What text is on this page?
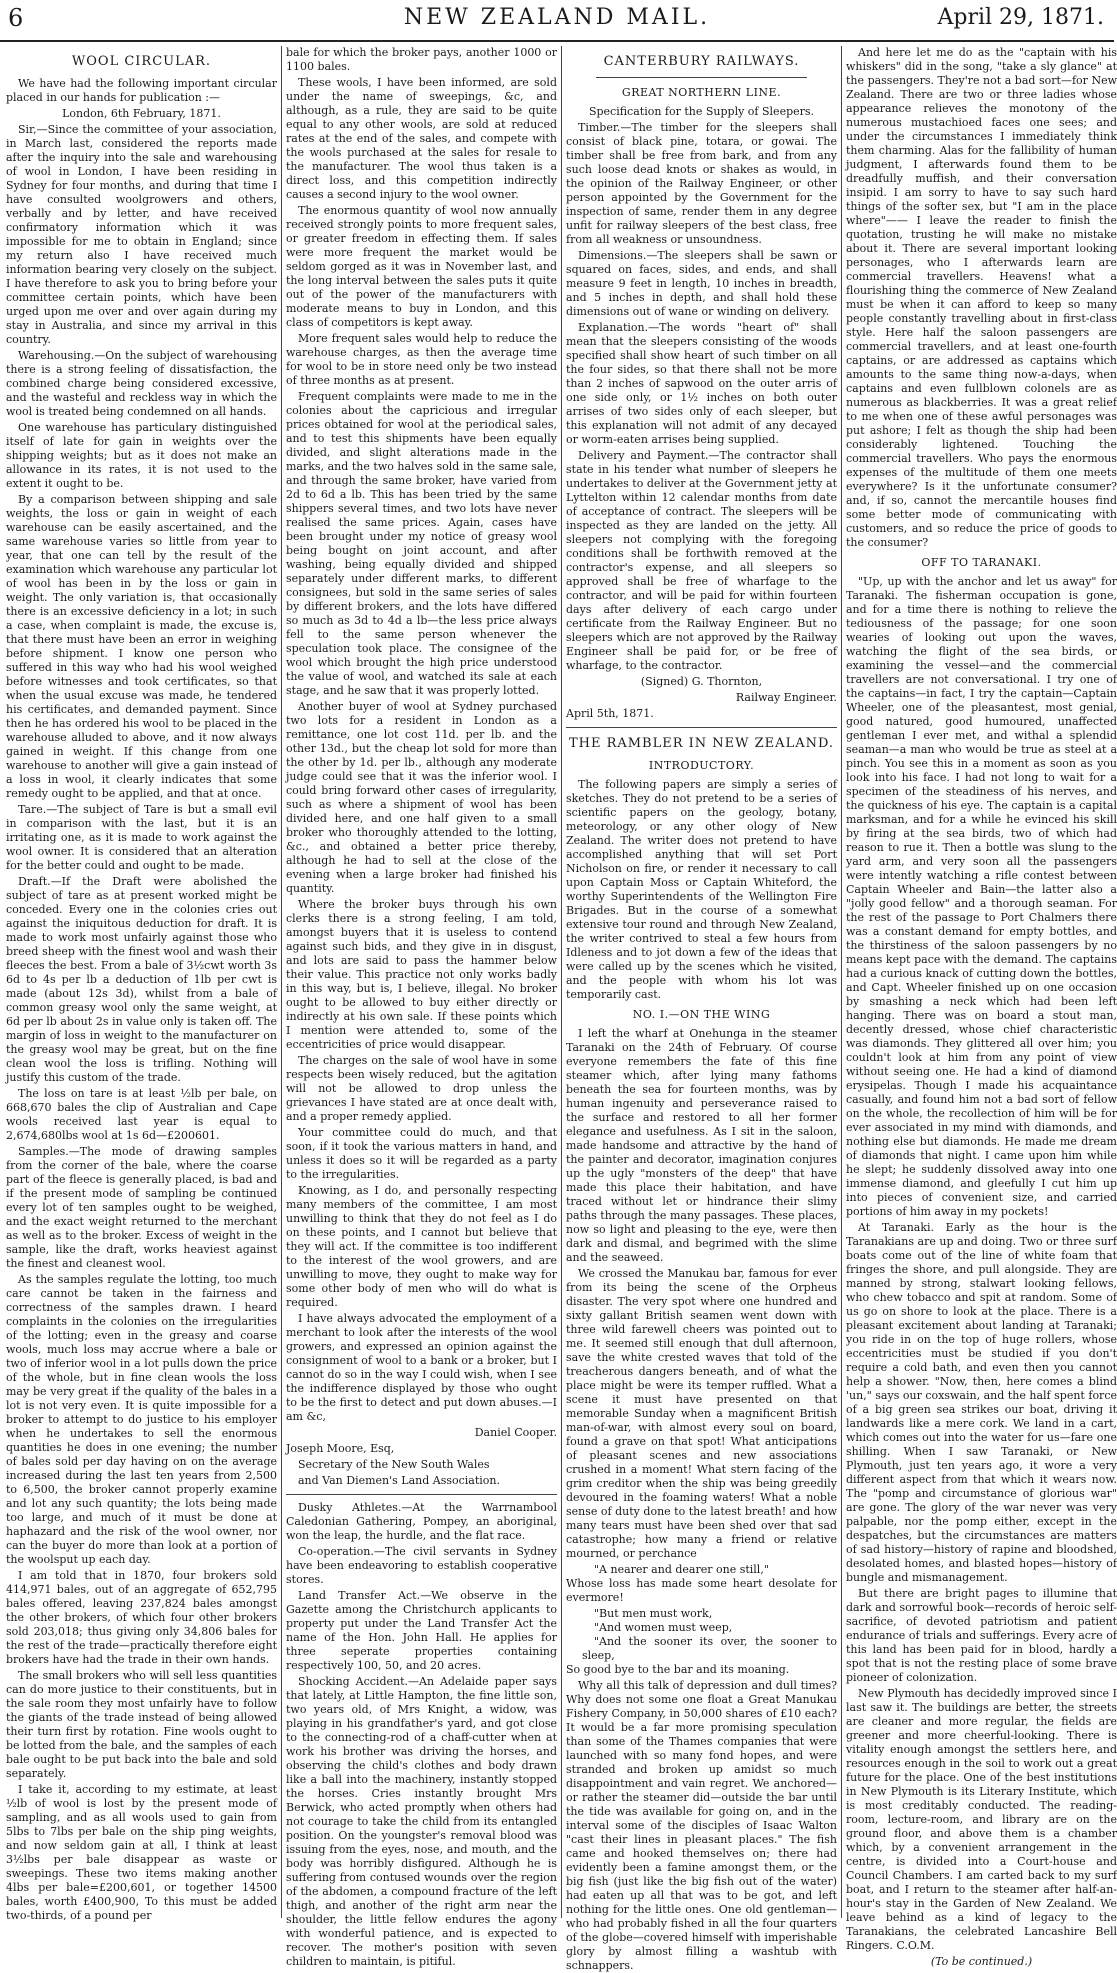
6	NEW ZEALAND MAIL.	April 29, 1871.
WOOL CIRCULAR.

We have had the following important circular placed in our hands for publication :—

London, 6th February, 1871.

Sir,—Since the committee of your association, in March last, considered the reports made after the inquiry into the sale and warehousing of wool in London, I have been residing in Sydney for four months, and during that time I have consulted woolgrowers and others, verbally and by letter, and have received confirmatory information which it was impossible for me to obtain in England; since my return also I have received much information bearing very closely on the subject. I have therefore to ask you to bring before your committee certain points, which have been urged upon me over and over again during my stay in Australia, and since my arrival in this country.

Warehousing.—On the subject of warehousing there is a strong feeling of dissatisfaction, the combined charge being considered excessive, and the wasteful and reckless way in which the wool is treated being condemned on all hands.

One warehouse has particulary distinguished itself of late for gain in weights over the shipping weights; but as it does not make an allowance in its rates, it is not used to the extent it ought to be.

By a comparison between shipping and sale weights, the loss or gain in weight of each warehouse can be easily ascertained, and the same warehouse varies so little from year to year, that one can tell by the result of the examination which warehouse any particular lot of wool has been in by the loss or gain in weight. The only variation is, that occasionally there is an excessive deficiency in a lot; in such a case, when complaint is made, the excuse is, that there must have been an error in weighing before shipment. I know one person who suffered in this way who had his wool weighed before witnesses and took certificates, so that when the usual excuse was made, he tendered his certificates, and demanded payment. Since then he has ordered his wool to be placed in the warehouse alluded to above, and it now always gained in weight. If this change from one warehouse to another will give a gain instead of a loss in wool, it clearly indicates that some remedy ought to be applied, and that at once.

Tare.—The subject of Tare is but a small evil in comparison with the last, but it is an irritating one, as it is made to work against the wool owner. It is considered that an alteration for the better could and ought to be made.

Draft.—If the Draft were abolished the subject of tare as at present worked might be conceded. Every one in the colonies cries out against the iniquitous deduction for draft. It is made to work most unfairly against those who breed sheep with the finest wool and wash their fleeces the best. From a bale of 3½cwt worth 3s 6d to 4s per lb a deduction of 1lb per cwt is made (about 12s 3d), whilst from a bale of common greasy wool only the same weight, at 6d per lb about 2s in value only is taken off. The margin of loss in weight to the manufacturer on the greasy wool may be great, but on the fine clean wool the loss is trifling. Nothing will justify this custom of the trade.

The loss on tare is at least ½lb per bale, on 668,670 bales the clip of Australian and Cape wools received last year is equal to 2,674,680lbs wool at 1s 6d—£200601.

Samples.—The mode of drawing samples from the corner of the bale, where the coarse part of the fleece is generally placed, is bad and if the present mode of sampling be continued every lot of ten samples ought to be weighed, and the exact weight returned to the merchant as well as to the broker. Excess of weight in the sample, like the draft, works heaviest against the finest and cleanest wool.

As the samples regulate the lotting, too much care cannot be taken in the fairness and correctness of the samples drawn. I heard complaints in the colonies on the irregularities of the lotting; even in the greasy and coarse wools, much loss may accrue where a bale or two of inferior wool in a lot pulls down the price of the whole, but in fine clean wools the loss may be very great if the quality of the bales in a lot is not very even. It is quite impossible for a broker to attempt to do justice to his employer when he undertakes to sell the enormous quantities he does in one evening; the number of bales sold per day having on on the average increased during the last ten years from 2,500 to 6,500, the broker cannot properly examine and lot any such quantity; the lots being made too large, and much of it must be done at haphazard and the risk of the wool owner, nor can the buyer do more than look at a portion of the woolsput up each day.

I am told that in 1870, four brokers sold 414,971 bales, out of an aggregate of 652,795 bales offered, leaving 237,824 bales amongst the other brokers, of which four other brokers sold 203,018; thus giving only 34,806 bales for the rest of the trade—practically therefore eight brokers have had the trade in their own hands.

The small brokers who will sell less quantities can do more justice to their constituents, but in the sale room they most unfairly have to follow the giants of the trade instead of being allowed their turn first by rotation. Fine wools ought to be lotted from the bale, and the samples of each bale ought to be put back into the bale and sold separately.

I take it, according to my estimate, at least ½lb of wool is lost by the present mode of sampling, and as all wools used to gain from 5lbs to 7lbs per bale on the ship ping weights, and now seldom gain at all, I think at least 3½lbs per bale disappear as waste or sweepings. These two items making another 4lbs per bale=£200,601, or together 14500 bales, worth £400,900, To this must be added two-thirds, of a pound per

bale for which the broker pays, another 1000 or 1100 bales.

These wools, I have been informed, are sold under the name of sweepings, &c, and although, as a rule, they are said to be quite equal to any other wools, are sold at reduced rates at the end of the sales, and compete with the wools purchased at the sales for resale to the manufacturer. The wool thus taken is a direct loss, and this competition indirectly causes a second injury to the wool owner.

The enormous quantity of wool now annually received strongly points to more frequent sales, or greater freedom in effecting them. If sales were more frequent the market would be seldom gorged as it was in November last, and the long interval between the sales puts it quite out of the power of the manufacturers with moderate means to buy in London, and this class of competitors is kept away.

More frequent sales would help to reduce the warehouse charges, as then the average time for wool to be in store need only be two instead of three months as at present.

Frequent complaints were made to me in the colonies about the capricious and irregular prices obtained for wool at the periodical sales, and to test this shipments have been equally divided, and slight alterations made in the marks, and the two halves sold in the same sale, and through the same broker, have varied from 2d to 6d a lb. This has been tried by the same shippers several times, and two lots have never realised the same prices. Again, cases have been brought under my notice of greasy wool being bought on joint account, and after washing, being equally divided and shipped separately under different marks, to different consignees, but sold in the same series of sales by different brokers, and the lots have differed so much as 3d to 4d a lb—the less price always fell to the same person whenever the speculation took place. The consignee of the wool which brought the high price understood the value of wool, and watched its sale at each stage, and he saw that it was properly lotted.

Another buyer of wool at Sydney purchased two lots for a resident in London as a remittance, one lot cost 11d. per lb. and the other 13d., but the cheap lot sold for more than the other by 1d. per lb., although any moderate judge could see that it was the inferior wool. I could bring forward other cases of irregularity, such as where a shipment of wool has been divided here, and one half given to a small broker who thoroughly attended to the lotting, &c., and obtained a better price thereby, although he had to sell at the close of the evening when a large broker had finished his quantity.

Where the broker buys through his own clerks there is a strong feeling, I am told, amongst buyers that it is useless to contend against such bids, and they give in in disgust, and lots are said to pass the hammer below their value. This practice not only works badly in this way, but is, I believe, illegal. No broker ought to be allowed to buy either directly or indirectly at his own sale. If these points which I mention were attended to, some of the eccentricities of price would disappear.

The charges on the sale of wool have in some respects been wisely reduced, but the agitation will not be allowed to drop unless the grievances I have stated are at once dealt with, and a proper remedy applied.

Your committee could do much, and that soon, if it took the various matters in hand, and unless it does so it will be regarded as a party to the irregularities.

Knowing, as I do, and personally respecting many members of the committee, I am most unwilling to think that they do not feel as I do on these points, and I cannot but believe that they will act. If the committee is too indifferent to the interest of the wool growers, and are unwilling to move, they ought to make way for some other body of men who will do what is required.

I have always advocated the employment of a merchant to look after the interests of the wool growers, and expressed an opinion against the consignment of wool to a bank or a broker, but I cannot do so in the way I could wish, when I see the indifference displayed by those who ought to be the first to detect and put down abuses.—I am &c,

Daniel Cooper.

Joseph Moore, Esq,

Secretary of the New South Wales

and Van Diemen's Land Association.

Dusky Athletes.—At the Warrnambool Caledonian Gathering, Pompey, an aboriginal, won the leap, the hurdle, and the flat race.

Co-operation.—The civil servants in Sydney have been endeavoring to establish cooperative stores.

Land Transfer Act.—We observe in the Gazette among the Christchurch applicants to property put under the Land Transfer Act the name of the Hon. John Hall. He applies for three seperate properties containing respectively 100, 50, and 20 acres.

Shocking Accident.—An Adelaide paper says that lately, at Little Hampton, the fine little son, two years old, of Mrs Knight, a widow, was playing in his grandfather's yard, and got close to the connecting-rod of a chaff-cutter when at work his brother was driving the horses, and observing the child's clothes and body drawn like a ball into the machinery, instantly stopped the horses. Cries instantly brought Mrs Berwick, who acted promptly when others had not courage to take the child from its entangled position. On the youngster's removal blood was issuing from the eyes, nose, and mouth, and the body was horribly disfigured. Although he is suffering from contused wounds over the region of the abdomen, a compound fracture of the left thigh, and another of the right arm near the shoulder, the little fellow endures the agony with wonderful patience, and is expected to recover. The mother's position with seven children to maintain, is pitiful.

CANTERBURY RAILWAYS.
GREAT NORTHERN LINE.

Specification for the Supply of Sleepers.

Timber.—The timber for the sleepers shall consist of black pine, totara, or gowai. The timber shall be free from bark, and from any such loose dead knots or shakes as would, in the opinion of the Railway Engineer, or other person appointed by the Government for the inspection of same, render them in any degree unfit for railway sleepers of the best class, free from all weakness or unsoundness.

Dimensions.—The sleepers shall be sawn or squared on faces, sides, and ends, and shall measure 9 feet in length, 10 inches in breadth, and 5 inches in depth, and shall hold these dimensions out of wane or winding on delivery.

Explanation.—The words "heart of" shall mean that the sleepers consisting of the woods specified shall show heart of such timber on all the four sides, so that there shall not be more than 2 inches of sapwood on the outer arris of one side only, or 1½ inches on both outer arrises of two sides only of each sleeper, but this explanation will not admit of any decayed or worm-eaten arrises being supplied.

Delivery and Payment.—The contractor shall state in his tender what number of sleepers he undertakes to deliver at the Government jetty at Lyttelton within 12 calendar months from date of acceptance of contract. The sleepers will be inspected as they are landed on the jetty. All sleepers not complying with the foregoing conditions shall be forthwith removed at the contractor's expense, and all sleepers so approved shall be free of wharfage to the contractor, and will be paid for within fourteen days after delivery of each cargo under certificate from the Railway Engineer. But no sleepers which are not approved by the Railway Engineer shall be paid for, or be free of wharfage, to the contractor.

(Signed) G. Thornton,

Railway Engineer.

April 5th, 1871.

THE RAMBLER IN NEW ZEALAND.
INTRODUCTORY.

The following papers are simply a series of sketches. They do not pretend to be a series of scientific papers on the geology, botany, meteorology, or any other ology of New Zealand. The writer does not pretend to have accomplished anything that will set Port Nicholson on fire, or render it necessary to call upon Captain Moss or Captain Whiteford, the worthy Superintendents of the Wellington Fire Brigades. But in the course of a somewhat extensive tour round and through New Zealand, the writer contrived to steal a few hours from Idleness and to jot down a few of the ideas that were called up by the scenes which he visited, and the people with whom his lot was temporarily cast.

NO. I.—ON THE WING

I left the wharf at Onehunga in the steamer Taranaki on the 24th of February. Of course everyone remembers the fate of this fine steamer which, after lying many fathoms beneath the sea for fourteen months, was by human ingenuity and perseverance raised to the surface and restored to all her former elegance and usefulness. As I sit in the saloon, made handsome and attractive by the hand of the painter and decorator, imagination conjures up the ugly "monsters of the deep" that have made this place their habitation, and have traced without let or hindrance their slimy paths through the many passages. These places, now so light and pleasing to the eye, were then dark and dismal, and begrimed with the slime and the seaweed.

We crossed the Manukau bar, famous for ever from its being the scene of the Orpheus disaster. The very spot where one hundred and sixty gallant British seamen went down with three wild farewell cheers was pointed out to me. It seemed still enough that dull afternoon, save the white crested waves that told of the treacherous dangers beneath, and of what the place might be were its temper ruffled. What a scene it must have presented on that memorable Sunday when a magnificent British man-of-war, with almost every soul on board, found a grave on that spot! What anticipations of pleasant scenes and new associations crushed in a moment! What stern facing of the grim creditor when the ship was being greedily devoured in the foaming waters! What a noble sense of duty done to the latest breath! and how many tears must have been shed over that sad catastrophe; how many a friend or relative mourned, or perchance

"A nearer and dearer one still,"

Whose loss has made some heart desolate for evermore!

"But men must work,

"And women must weep,

"And the sooner its over, the sooner to sleep,

So good bye to the bar and its moaning.

Why all this talk of depression and dull times? Why does not some one float a Great Manukau Fishery Company, in 50,000 shares of £10 each? It would be a far more promising speculation than some of the Thames companies that were launched with so many fond hopes, and were stranded and broken up amidst so much disappointment and vain regret. We anchored—or rather the steamer did—outside the bar until the tide was available for going on, and in the interval some of the disciples of Isaac Walton "cast their lines in pleasant places." The fish came and hooked themselves on; there had evidently been a famine amongst them, or the big fish (just like the big fish out of the water) had eaten up all that was to be got, and left nothing for the little ones. One old gentleman—who had probably fished in all the four quarters of the globe—covered himself with imperishable glory by almost filling a washtub with schnappers.

And here let me do as the "captain with his whiskers" did in the song, "take a sly glance" at the passengers. They're not a bad sort—for New Zealand. There are two or three ladies whose appearance relieves the monotony of the numerous mustachioed faces one sees; and under the circumstances I immediately think them charming. Alas for the fallibility of human judgment, I afterwards found them to be dreadfully muffish, and their conversation insipid. I am sorry to have to say such hard things of the softer sex, but "I am in the place where"—— I leave the reader to finish the quotation, trusting he will make no mistake about it. There are several important looking personages, who I afterwards learn are commercial travellers. Heavens! what a flourishing thing the commerce of New Zealand must be when it can afford to keep so many people constantly travelling about in first-class style. Here half the saloon passengers are commercial travellers, and at least one-fourth captains, or are addressed as captains which amounts to the same thing now-a-days, when captains and even fullblown colonels are as numerous as blackberries. It was a great relief to me when one of these awful personages was put ashore; I felt as though the ship had been considerably lightened. Touching the commercial travellers. Who pays the enormous expenses of the multitude of them one meets everywhere? Is it the unfortunate consumer? and, if so, cannot the mercantile houses find some better mode of communicating with customers, and so reduce the price of goods to the consumer?

OFF TO TARANAKI.

"Up, up with the anchor and let us away" for Taranaki. The fisherman occupation is gone, and for a time there is nothing to relieve the tediousness of the passage; for one soon wearies of looking out upon the waves, watching the flight of the sea birds, or examining the vessel—and the commercial travellers are not conversational. I try one of the captains—in fact, I try the captain—Captain Wheeler, one of the pleasantest, most genial, good natured, good humoured, unaffected gentleman I ever met, and withal a splendid seaman—a man who would be true as steel at a pinch. You see this in a moment as soon as you look into his face. I had not long to wait for a specimen of the steadiness of his nerves, and the quickness of his eye. The captain is a capital marksman, and for a while he evinced his skill by firing at the sea birds, two of which had reason to rue it. Then a bottle was slung to the yard arm, and very soon all the passengers were intently watching a rifle contest between Captain Wheeler and Bain—the latter also a "jolly good fellow" and a thorough seaman. For the rest of the passage to Port Chalmers there was a constant demand for empty bottles, and the thirstiness of the saloon passengers by no means kept pace with the demand. The captains had a curious knack of cutting down the bottles, and Capt. Wheeler finished up on one occasion by smashing a neck which had been left hanging. There was on board a stout man, decently dressed, whose chief characteristic was diamonds. They glittered all over him; you couldn't look at him from any point of view without seeing one. He had a kind of diamond erysipelas. Though I made his acquaintance casually, and found him not a bad sort of fellow on the whole, the recollection of him will be for ever associated in my mind with diamonds, and nothing else but diamonds. He made me dream of diamonds that night. I came upon him while he slept; he suddenly dissolved away into one immense diamond, and gleefully I cut him up into pieces of convenient size, and carried portions of him away in my pockets!

At Taranaki. Early as the hour is the Taranakians are up and doing. Two or three surf boats come out of the line of white foam that fringes the shore, and pull alongside. They are manned by strong, stalwart looking fellows, who chew tobacco and spit at random. Some of us go on shore to look at the place. There is a pleasant excitement about landing at Taranaki; you ride in on the top of huge rollers, whose eccentricities must be studied if you don't require a cold bath, and even then you cannot help a shower. "Now, then, here comes a blind 'un," says our coxswain, and the half spent force of a big green sea strikes our boat, driving it landwards like a mere cork. We land in a cart, which comes out into the water for us—fare one shilling. When I saw Taranaki, or New Plymouth, just ten years ago, it wore a very different aspect from that which it wears now. The "pomp and circumstance of glorious war" are gone. The glory of the war never was very palpable, nor the pomp either, except in the despatches, but the circumstances are matters of sad history—history of rapine and bloodshed, desolated homes, and blasted hopes—history of bungle and mismanagement.

But there are bright pages to illumine that dark and sorrowful book—records of heroic self-sacrifice, of devoted patriotism and patient endurance of trials and sufferings. Every acre of this land has been paid for in blood, hardly a spot that is not the resting place of some brave pioneer of colonization.

New Plymouth has decidedly improved since I last saw it. The buildings are better, the streets are cleaner and more regular, the fields are greener and more cheerful-looking. There is vitality enough amongst the settlers here, and resources enough in the soil to work out a great future for the place. One of the best institutions in New Plymouth is its Literary Institute, which is most creditably conducted. The reading-room, lecture-room, and library are on the ground floor, and above them is a chamber which, by a convenient arrangement in the centre, is divided into a Court-house and Council Chambers. I am carted back to my surf boat, and I return to the steamer after half-an-hour's stay in the Garden of New Zealand. We leave behind as a kind of legacy to the Taranakians, the celebrated Lancashire Bell Ringers. C.O.M.

(To be continued.)
